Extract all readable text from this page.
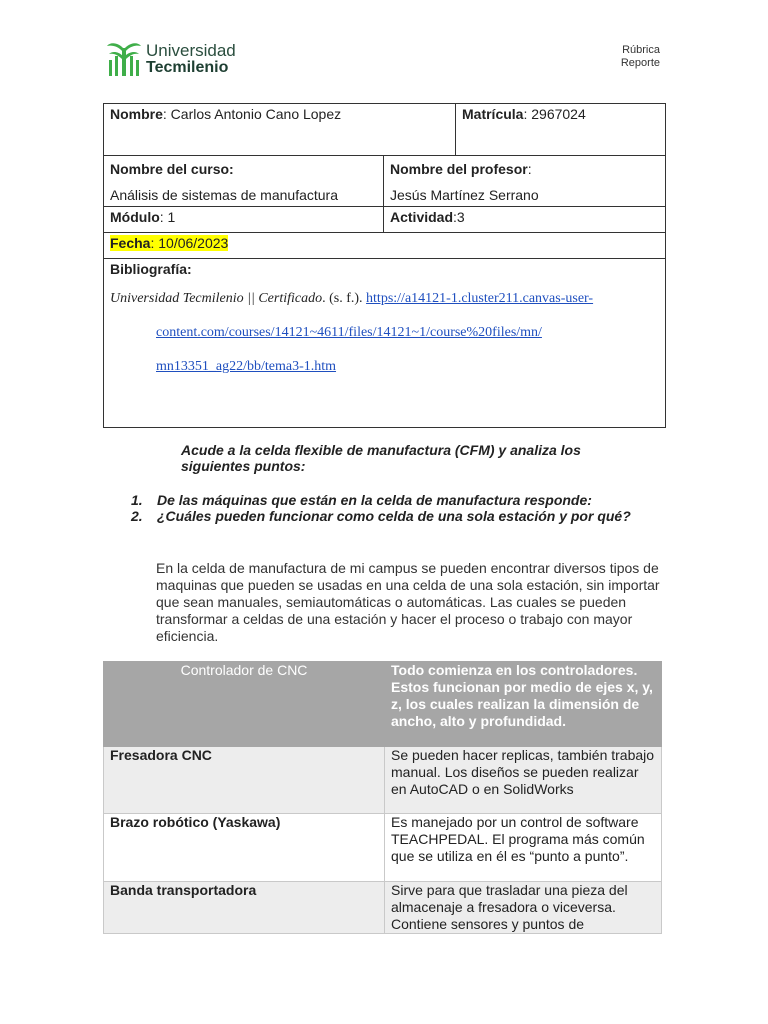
Universidad
Tecmilenio
Rúbrica
Reporte
Nombre: Carlos Antonio Cano Lopez	Matrícula: 2967024
Nombre del curso:
Análisis de sistemas de manufactura
Nombre del profesor:
Jesús Martínez Serrano
Módulo: 1	Actividad:3
Fecha: 10/06/2023
Bibliografía:
Universidad Tecmilenio || Certificado. (s. f.). https://a14121-1.cluster211.canvas-user-
content.com/courses/14121~4611/files/14121~1/course%20files/mn/
mn13351_ag22/bb/tema3-1.htm
Acude a la celda flexible de manufactura (CFM) y analiza los siguientes puntos:
1.	De las máquinas que están en la celda de manufactura responde:
2.	¿Cuáles pueden funcionar como celda de una sola estación y por qué?
En la celda de manufactura de mi campus se pueden encontrar diversos tipos de maquinas que pueden se usadas en una celda de una sola estación, sin importar que sean manuales, semiautomáticas o automáticas. Las cuales se pueden transformar a celdas de una estación y hacer el proceso o trabajo con mayor eficiencia.
Controlador de CNC	Todo comienza en los controladores. Estos funcionan por medio de ejes x, y, z, los cuales realizan la dimensión de ancho, alto y profundidad.
Fresadora CNC	Se pueden hacer replicas, también trabajo manual. Los diseños se pueden realizar en AutoCAD o en SolidWorks
Brazo robótico (Yaskawa)	Es manejado por un control de software TEACHPEDAL. El programa más común que se utiliza en él es “punto a punto”.
Banda transportadora	Sirve para que trasladar una pieza del almacenaje a fresadora o viceversa. Contiene sensores y puntos de
